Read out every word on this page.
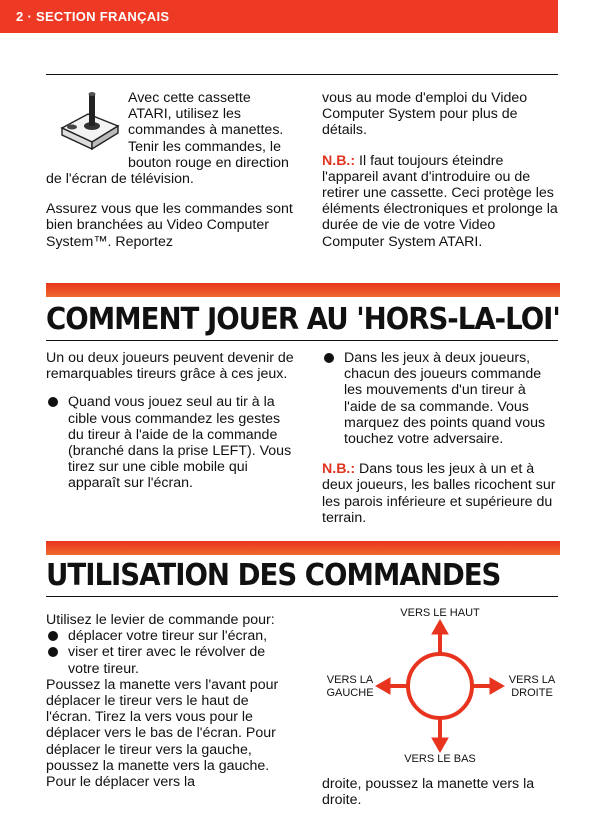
2 · SECTION FRANÇAIS

Avec cette cassette ATARI, utilisez les commandes à manettes. Tenir les commandes, le bouton rouge en direction de l'écran de télévision.

Assurez vous que les commandes sont bien branchées au Video Computer System™. Reportez

vous au mode d'emploi du Video Computer System pour plus de détails.

N.B.: Il faut toujours éteindre l'appareil avant d'introduire ou de retirer une cassette. Ceci protège les éléments électroniques et prolonge la durée de vie de votre Video Computer System ATARI.

COMMENT JOUER AU 'HORS-LA-LOI'

Un ou deux joueurs peuvent devenir de remarquables tireurs grâce à ces jeux.

Quand vous jouez seul au tir à la cible vous commandez les gestes du tireur à l'aide de la commande (branché dans la prise LEFT). Vous tirez sur une cible mobile qui apparaît sur l'écran.

Dans les jeux à deux joueurs, chacun des joueurs commande les mouvements d'un tireur à l'aide de sa commande. Vous marquez des points quand vous touchez votre adversaire.

N.B.: Dans tous les jeux à un et à deux joueurs, les balles ricochent sur les parois inférieure et supérieure du terrain.

UTILISATION DES COMMANDES

Utilisez le levier de commande pour:

déplacer votre tireur sur l'écran,

viser et tirer avec le révolver de votre tireur.

Poussez la manette vers l'avant pour déplacer le tireur vers le haut de l'écran. Tirez la vers vous pour le déplacer vers le bas de l'écran. Pour déplacer le tireur vers la gauche, poussez la manette vers la gauche. Pour le déplacer vers la

VERS LE HAUT
VERS LE BAS
VERS LA GAUCHE
VERS LA DROITE

droite, poussez la manette vers la droite.
